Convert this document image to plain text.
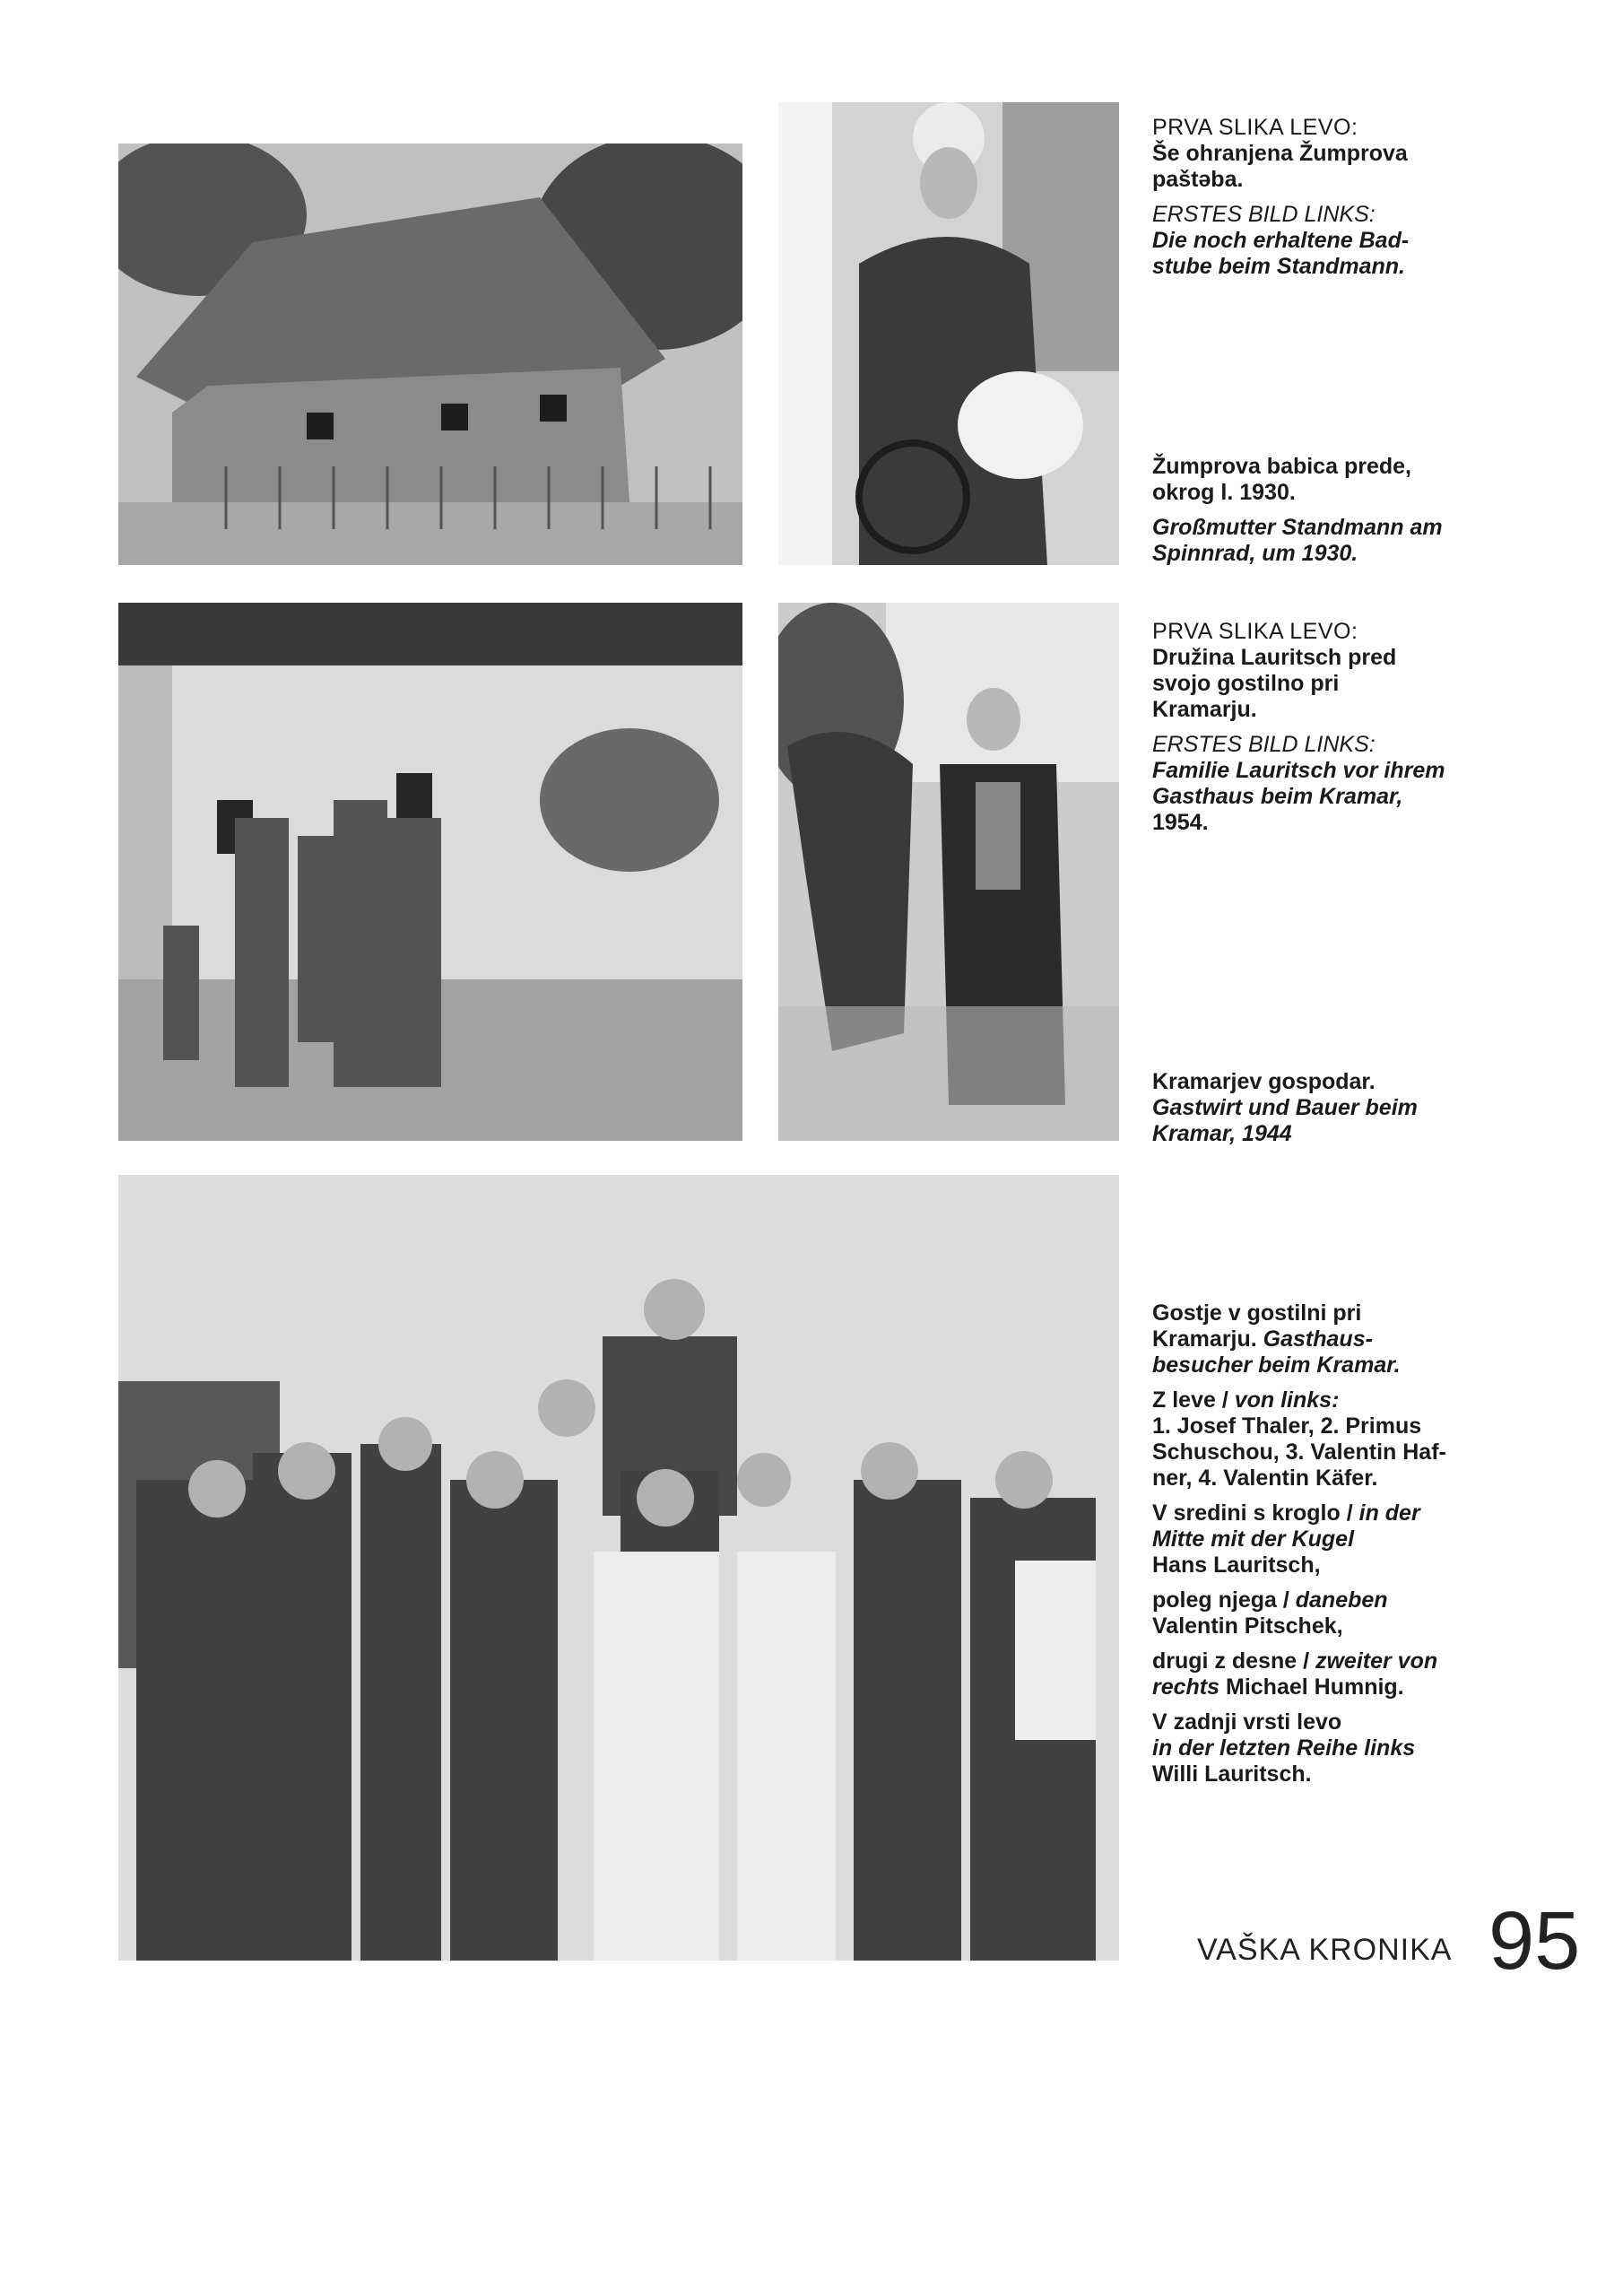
PRVA SLIKA LEVO:
Še ohranjena Žumprova paštəba.

ERSTES BILD LINKS:
Die noch erhaltene Bad-stube beim Standmann.

Žumprova babica prede, okrog l. 1930.

Großmutter Standmann am Spinnrad, um 1930.

PRVA SLIKA LEVO:
Družina Lauritsch pred svojo gostilno pri Kramarju.

ERSTES BILD LINKS:
Familie Lauritsch vor ihrem Gasthaus beim Kramar,
1954.

Kramarjev gospodar.
Gastwirt und Bauer beim Kramar, 1944

Gostje v gostilni pri Kramarju. Gasthaus-besucher beim Kramar.

Z leve / von links:
1. Josef Thaler, 2. Primus Schuschou, 3. Valentin Haf-ner, 4. Valentin Käfer.

V sredini s kroglo / in der Mitte mit der Kugel
Hans Lauritsch,

poleg njega / daneben
Valentin Pitschek,

drugi z desne / zweiter von rechts Michael Humnig.

V zadnji vrsti levo
in der letzten Reihe links
Willi Lauritsch.

VAŠKA KRONIKA 95
